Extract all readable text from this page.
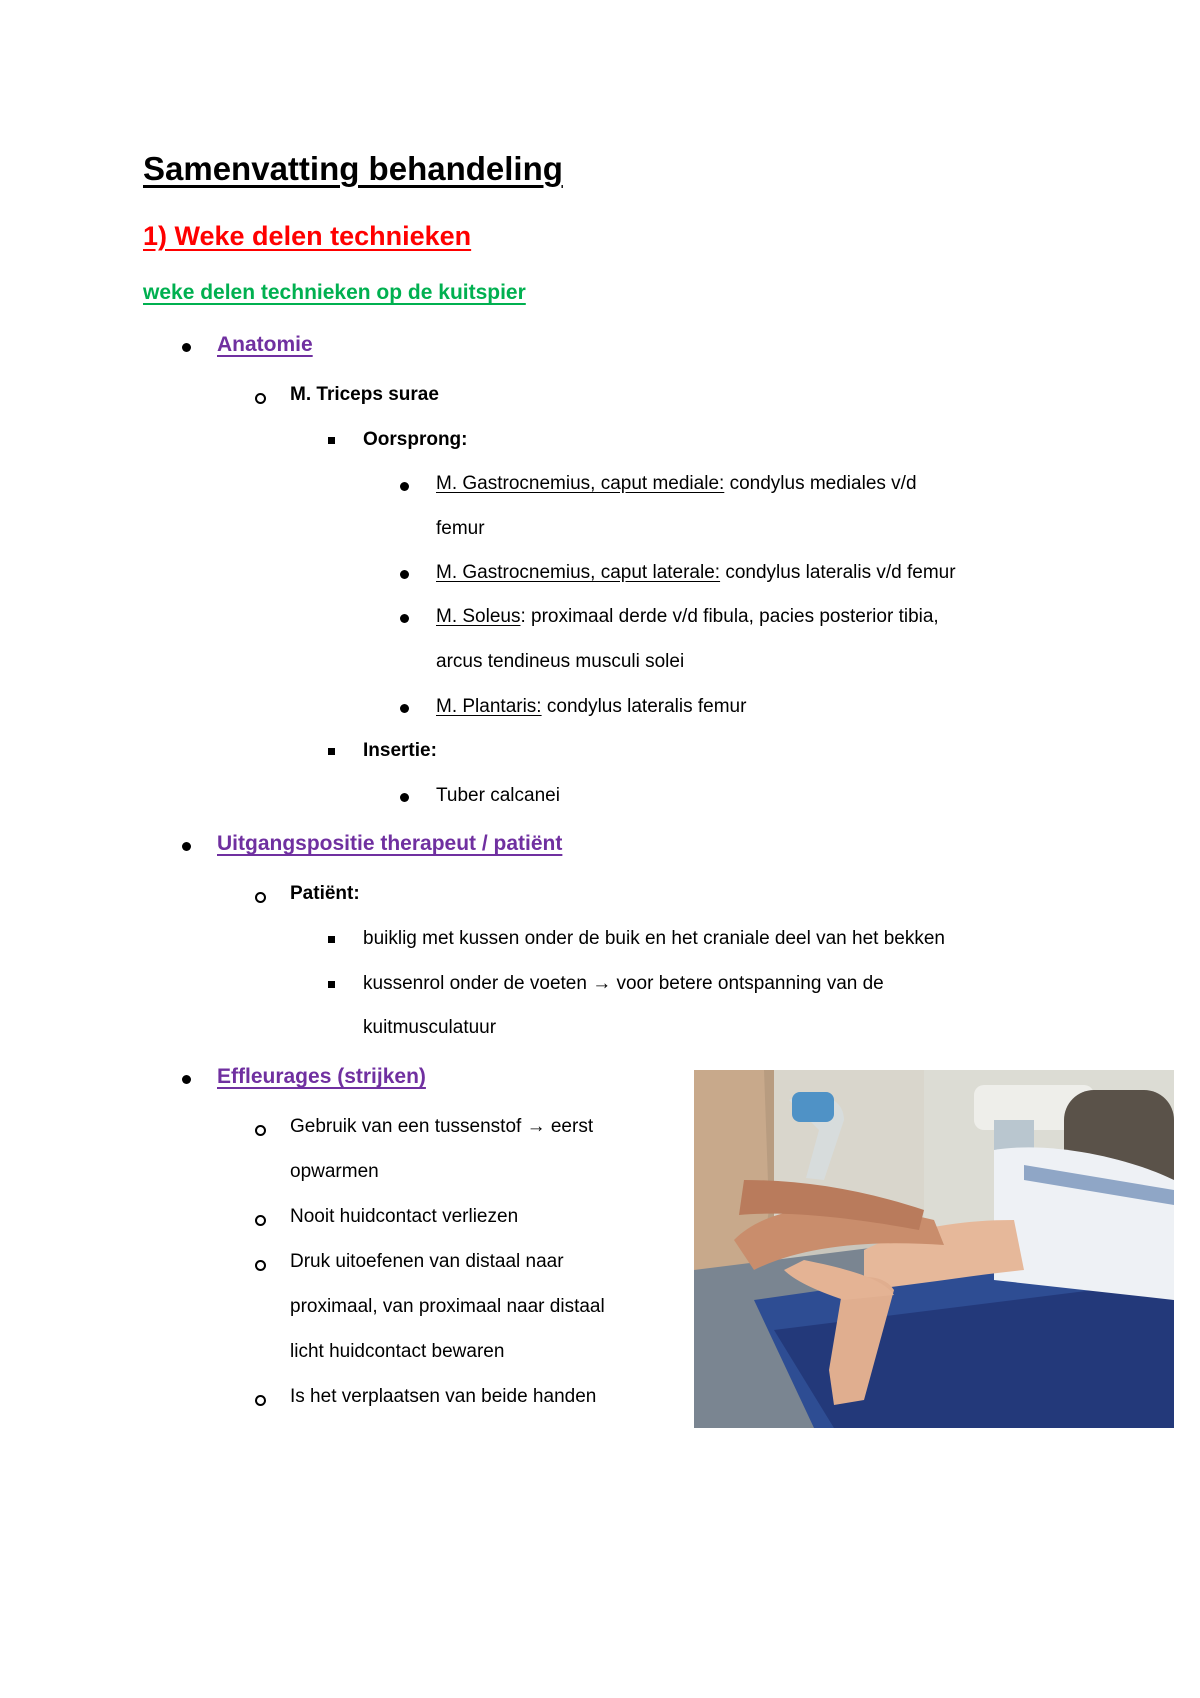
Samenvatting behandeling
1) Weke delen technieken
weke delen technieken op de kuitspier
Anatomie
M. Triceps surae
Oorsprong:
M. Gastrocnemius, caput mediale: condylus mediales v/d
femur
M. Gastrocnemius, caput laterale: condylus lateralis v/d femur
M. Soleus: proximaal derde v/d fibula, pacies posterior tibia,
arcus tendineus musculi solei
M. Plantaris: condylus lateralis femur
Insertie:
Tuber calcanei
Uitgangspositie therapeut / patiënt
Patiënt:
buiklig met kussen onder de buik en het craniale deel van het bekken
kussenrol onder de voeten → voor betere ontspanning van de
kuitmusculatuur
Effleurages (strijken)
Gebruik van een tussenstof → eerst
opwarmen
Nooit huidcontact verliezen
Druk uitoefenen van distaal naar
proximaal, van proximaal naar distaal
licht huidcontact bewaren
Is het verplaatsen van beide handen
